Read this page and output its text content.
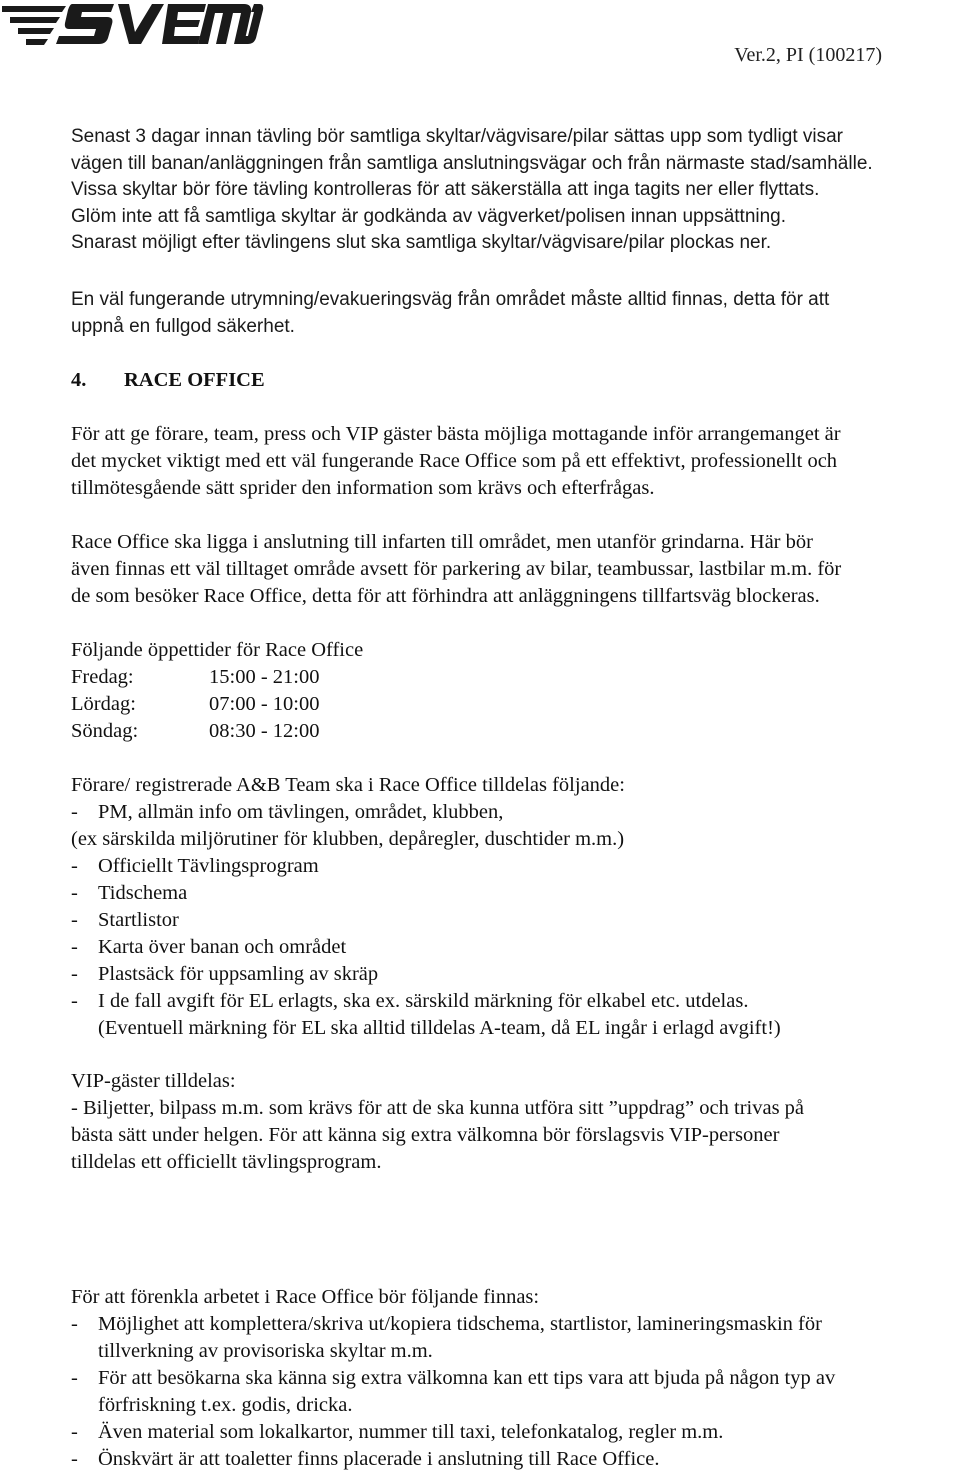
Ver.2, PI (100217)

Senast 3 dagar innan tävling bör samtliga skyltar/vägvisare/pilar sättas upp som tydligt visar

vägen till banan/anläggningen från samtliga anslutningsvägar och från närmaste stad/samhälle.

Vissa skyltar bör före tävling kontrolleras för att säkerställa att inga tagits ner eller flyttats.

Glöm inte att få samtliga skyltar är godkända av vägverket/polisen innan uppsättning.

Snarast möjligt efter tävlingens slut ska samtliga skyltar/vägvisare/pilar plockas ner.

En väl fungerande utrymning/evakueringsväg från området måste alltid finnas, detta för att

uppnå en fullgod säkerhet.

4. RACE OFFICE

För att ge förare, team, press och VIP gäster bästa möjliga mottagande inför arrangemanget är

det mycket viktigt med ett väl fungerande Race Office som på ett effektivt, professionellt och

tillmötesgående sätt sprider den information som krävs och efterfrågas.

Race Office ska ligga i anslutning till infarten till området, men utanför grindarna. Här bör

även finnas ett väl tilltaget område avsett för parkering av bilar, teambussar, lastbilar m.m. för

de som besöker Race Office, detta för att förhindra att anläggningens tillfartsväg blockeras.

Följande öppettider för Race Office

Fredag:	15:00 - 21:00
Lördag:	07:00 - 10:00
Söndag:	08:30 - 12:00

Förare/ registrerade A&B Team ska i Race Office tilldelas följande:

- PM, allmän info om tävlingen, området, klubben,

(ex särskilda miljörutiner för klubben, depåregler, duschtider m.m.)

- Officiellt Tävlingsprogram
- Tidschema
- Startlistor
- Karta över banan och området
- Plastsäck för uppsamling av skräp
- I de fall avgift för EL erlagts, ska ex. särskild märkning för elkabel etc. utdelas.

(Eventuell märkning för EL ska alltid tilldelas A-team, då EL ingår i erlagd avgift!)

VIP-gäster tilldelas:

- Biljetter, bilpass m.m. som krävs för att de ska kunna utföra sitt ”uppdrag” och trivas på

bästa sätt under helgen. För att känna sig extra välkomna bör förslagsvis VIP-personer

tilldelas ett officiellt tävlingsprogram.

För att förenkla arbetet i Race Office bör följande finnas:

- Möjlighet att komplettera/skriva ut/kopiera tidschema, startlistor, lamineringsmaskin för
tillverkning av provisoriska skyltar m.m.
- För att besökarna ska känna sig extra välkomna kan ett tips vara att bjuda på någon typ av
förfriskning t.ex. godis, dricka.
- Även material som lokalkartor, nummer till taxi, telefonkatalog, regler m.m.
- Önskvärt är att toaletter finns placerade i anslutning till Race Office.
